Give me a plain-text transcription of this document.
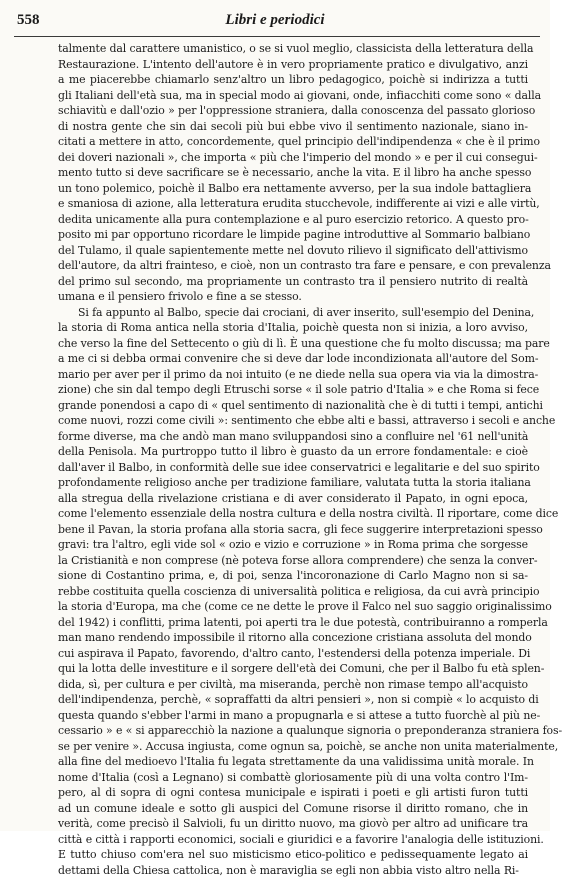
558	Libri e periodici
talmente dal carattere umanistico, o se si vuol meglio, classicista della letteratura della
Restaurazione. L'intento dell'autore è in vero propriamente pratico e divulgativo, anzi
a me piacerebbe chiamarlo senz'altro un libro pedagogico, poichè si indirizza a tutti
gli Italiani dell'età sua, ma in special modo ai giovani, onde, infiacchiti come sono « dalla
schiavitù e dall'ozio » per l'oppressione straniera, dalla conoscenza del passato glorioso
di nostra gente che sin dai secoli più bui ebbe vivo il sentimento nazionale, siano in-
citati a mettere in atto, concordemente, quel principio dell'indipendenza « che è il primo
dei doveri nazionali », che importa « più che l'imperio del mondo » e per il cui consegui-
mento tutto si deve sacrificare se è necessario, anche la vita. E il libro ha anche spesso
un tono polemico, poichè il Balbo era nettamente avverso, per la sua indole battagliera
e smaniosa di azione, alla letteratura erudita stucchevole, indifferente ai vizi e alle virtù,
dedita unicamente alla pura contemplazione e al puro esercizio retorico. A questo pro-
posito mi par opportuno ricordare le limpide pagine introduttive al Sommario balbiano
del Tulamo, il quale sapientemente mette nel dovuto rilievo il significato dell'attivismo
dell'autore, da altri frainteso, e cioè, non un contrasto tra fare e pensare, e con prevalenza
del primo sul secondo, ma propriamente un contrasto tra il pensiero nutrito di realtà
umana e il pensiero frivolo e fine a se stesso.
Si fa appunto al Balbo, specie dai crociani, di aver inserito, sull'esempio del Denina,
la storia di Roma antica nella storia d'Italia, poichè questa non si inizia, a loro avviso,
che verso la fine del Settecento o giù di lì. È una questione che fu molto discussa; ma pare
a me ci si debba ormai convenire che si deve dar lode incondizionata all'autore del Som-
mario per aver per il primo da noi intuito (e ne diede nella sua opera via via la dimostra-
zione) che sin dal tempo degli Etruschi sorse « il sole patrio d'Italia » e che Roma si fece
grande ponendosi a capo di « quel sentimento di nazionalità che è di tutti i tempi, antichi
come nuovi, rozzi come civili »: sentimento che ebbe alti e bassi, attraverso i secoli e anche
forme diverse, ma che andò man mano sviluppandosi sino a confluire nel '61 nell'unità
della Penisola. Ma purtroppo tutto il libro è guasto da un errore fondamentale: e cioè
dall'aver il Balbo, in conformità delle sue idee conservatrici e legalitarie e del suo spirito
profondamente religioso anche per tradizione familiare, valutata tutta la storia italiana
alla stregua della rivelazione cristiana e di aver considerato il Papato, in ogni epoca,
come l'elemento essenziale della nostra cultura e della nostra civiltà. Il riportare, come dice
bene il Pavan, la storia profana alla storia sacra, gli fece suggerire interpretazioni spesso
gravi: tra l'altro, egli vide sol « ozio e vizio e corruzione » in Roma prima che sorgesse
la Cristianità e non comprese (nè poteva forse allora comprendere) che senza la conver-
sione di Costantino prima, e, di poi, senza l'incoronazione di Carlo Magno non si sa-
rebbe costituita quella coscienza di universalità politica e religiosa, da cui avrà principio
la storia d'Europa, ma che (come ce ne dette le prove il Falco nel suo saggio originalissimo
del 1942) i conflitti, prima latenti, poi aperti tra le due potestà, contribuiranno a romperla
man mano rendendo impossibile il ritorno alla concezione cristiana assoluta del mondo
cui aspirava il Papato, favorendo, d'altro canto, l'estendersi della potenza imperiale. Di
qui la lotta delle investiture e il sorgere dell'età dei Comuni, che per il Balbo fu età splen-
dida, sì, per cultura e per civiltà, ma miseranda, perchè non rimase tempo all'acquisto
dell'indipendenza, perchè, « sopraffatti da altri pensieri », non si compiè « lo acquisto di
questa quando s'ebber l'armi in mano a propugnarla e si attese a tutto fuorchè al più ne-
cessario » e « si apparecchiò la nazione a qualunque signoria o preponderanza straniera fos-
se per venire ». Accusa ingiusta, come ognun sa, poichè, se anche non unita materialmente,
alla fine del medioevo l'Italia fu legata strettamente da una validissima unità morale. In
nome d'Italia (così a Legnano) si combattè gloriosamente più di una volta contro l'Im-
pero, al di sopra di ogni contesa municipale e ispirati i poeti e gli artisti furon tutti
ad un comune ideale e sotto gli auspici del Comune risorse il diritto romano, che in
verità, come precisò il Salvioli, fu un diritto nuovo, ma giovò per altro ad unificare tra
città e città i rapporti economici, sociali e giuridici e a favorire l'analogia delle istituzioni.
E tutto chiuso com'era nel suo misticismo etico-politico e pedissequamente legato ai
dettami della Chiesa cattolica, non è maraviglia se egli non abbia visto altro nella Ri-
